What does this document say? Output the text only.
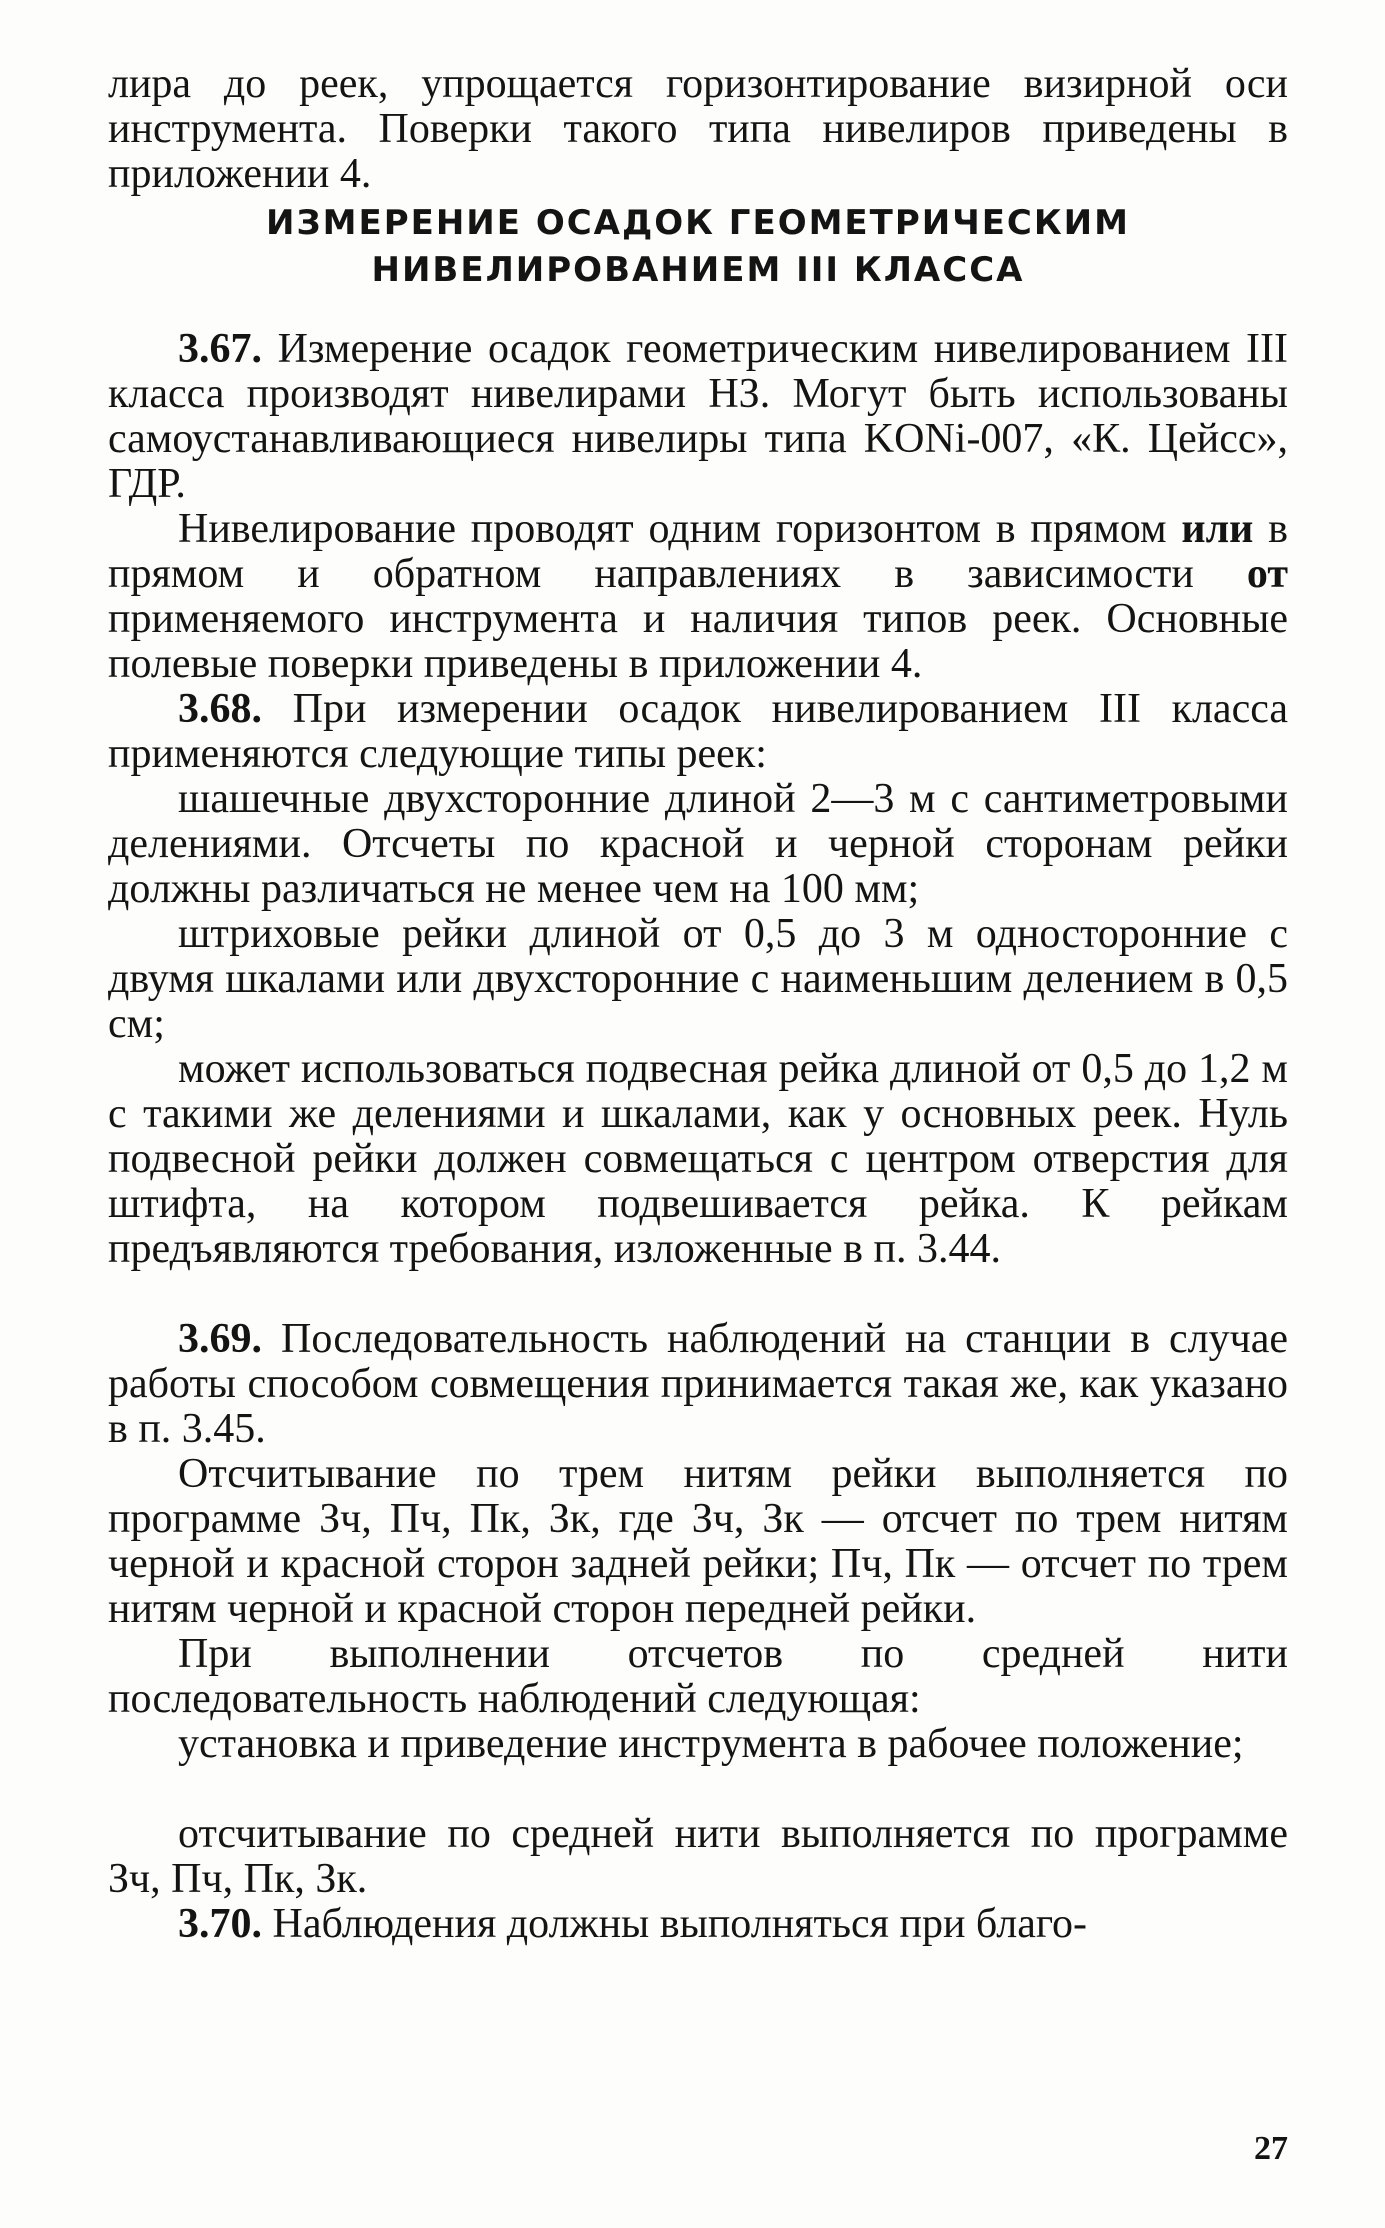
лира до реек, упрощается горизонтирование визирной оси инструмента. Поверки такого типа нивелиров приведены в приложении 4.

ИЗМЕРЕНИЕ ОСАДОК ГЕОМЕТРИЧЕСКИМ
НИВЕЛИРОВАНИЕМ III КЛАССА

3.67. Измерение осадок геометрическим нивелированием III класса производят нивелирами НЗ. Могут быть использованы самоустанавливающиеся нивелиры типа KONi-007, «К. Цейсс», ГДР.

Нивелирование проводят одним горизонтом в прямом или в прямом и обратном направлениях в зависимости от применяемого инструмента и наличия типов реек. Основные полевые поверки приведены в приложении 4.

3.68. При измерении осадок нивелированием III класса применяются следующие типы реек:

шашечные двухсторонние длиной 2—3 м с сантиметровыми делениями. Отсчеты по красной и черной сторонам рейки должны различаться не менее чем на 100 мм;

штриховые рейки длиной от 0,5 до 3 м односторонние с двумя шкалами или двухсторонние с наименьшим делением в 0,5 см;

может использоваться подвесная рейка длиной от 0,5 до 1,2 м с такими же делениями и шкалами, как у основных реек. Нуль подвесной рейки должен совмещаться с центром отверстия для штифта, на котором подвешивается рейка. К рейкам предъявляются требования, изложенные в п. 3.44.

3.69. Последовательность наблюдений на станции в случае работы способом совмещения принимается такая же, как указано в п. 3.45.

Отсчитывание по трем нитям рейки выполняется по программе Зч, Пч, Пк, Зк, где Зч, Зк — отсчет по трем нитям черной и красной сторон задней рейки; Пч, Пк — отсчет по трем нитям черной и красной сторон передней рейки.

При выполнении отсчетов по средней нити последовательность наблюдений следующая:

установка и приведение инструмента в рабочее положение;

отсчитывание по средней нити выполняется по программе Зч, Пч, Пк, Зк.

3.70. Наблюдения должны выполняться при благо-

27
